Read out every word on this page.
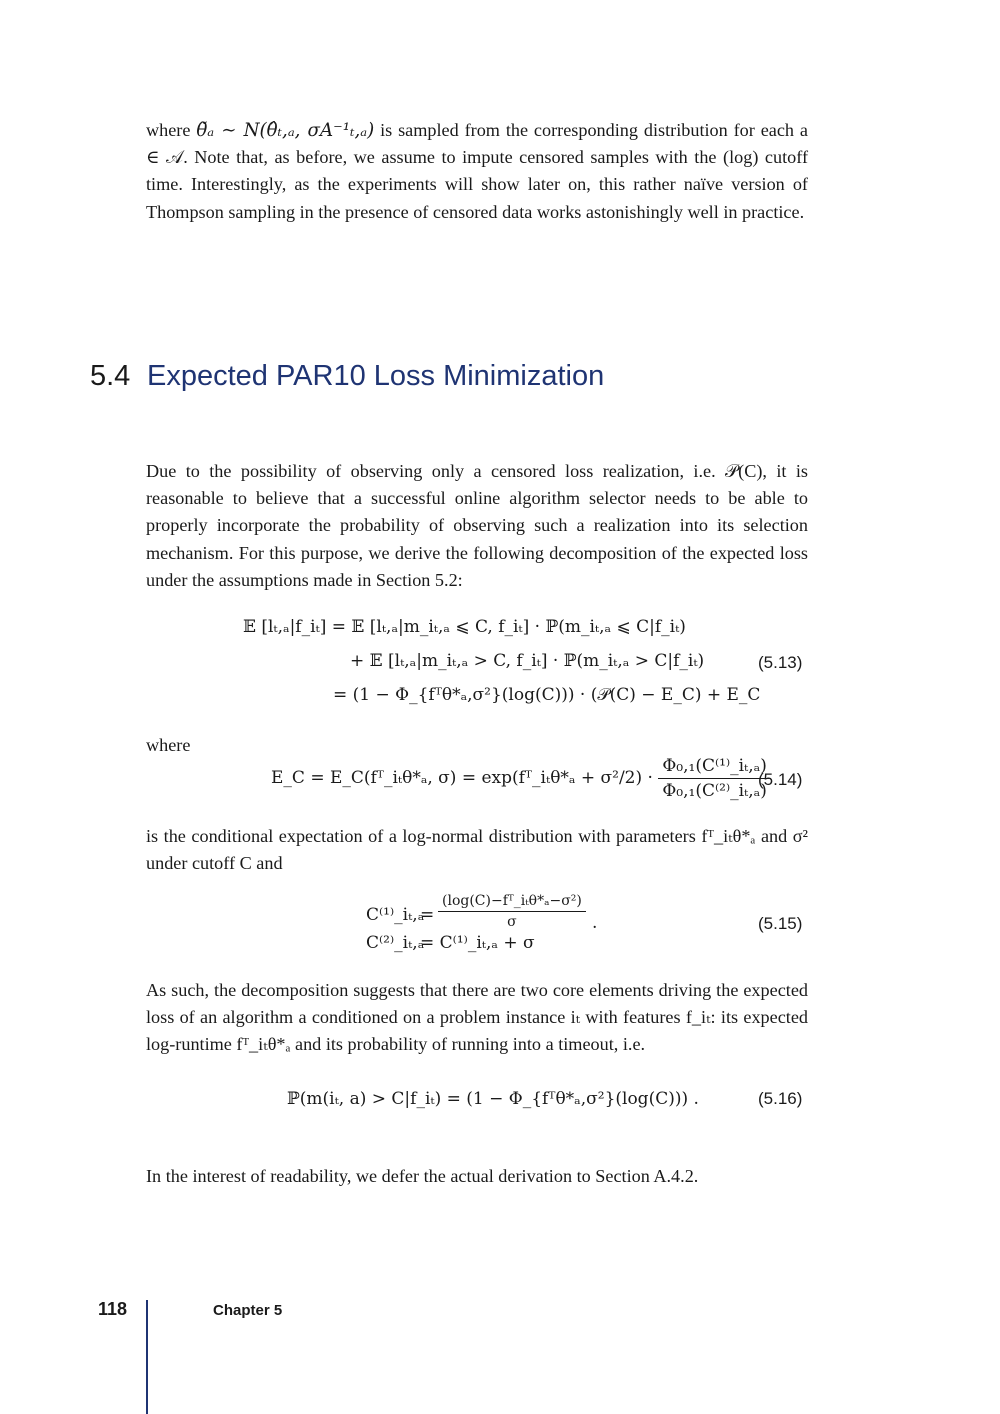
where θ̃ₐ ∼ N(θ̂ₜ,ₐ, σA⁻¹ₜ,ₐ) is sampled from the corresponding distribution for each a ∈ 𝒜. Note that, as before, we assume to impute censored samples with the (log) cutoff time. Interestingly, as the experiments will show later on, this rather naïve version of Thompson sampling in the presence of censored data works astonishingly well in practice.
5.4 Expected PAR10 Loss Minimization
Due to the possibility of observing only a censored loss realization, i.e. 𝒫(C), it is reasonable to believe that a successful online algorithm selector needs to be able to properly incorporate the probability of observing such a realization into its selection mechanism. For this purpose, we derive the following decomposition of the expected loss under the assumptions made in Section 5.2:
𝔼 [lₜ,ₐ|f_iₜ] = 𝔼 [lₜ,ₐ|m_iₜ,ₐ ⩽ C, f_iₜ] · ℙ(m_iₜ,ₐ ⩽ C|f_iₜ)
+ 𝔼 [lₜ,ₐ|m_iₜ,ₐ > C, f_iₜ] · ℙ(m_iₜ,ₐ > C|f_iₜ)
= (1 − Φ_{fᵀθ*ₐ,σ²}(log(C))) · (𝒫(C) − E_C) + E_C
(5.13)
where
E_C = E_C(fᵀ_iₜθ*ₐ, σ) = exp(fᵀ_iₜθ*ₐ + $\sigma^2/2) \cdot \frac{\text{Φ₀,₁(C⁽¹⁾\_iₜ,ₐ)}}{\text{Φ₀,₁(C⁽²⁾\_iₜ,ₐ)}}$
(5.14)
is the conditional expectation of a log-normal distribution with parameters fᵀ_iₜθ*ₐ and σ² under cutoff C and
C⁽¹⁾_iₜ,ₐ
= $\frac{\text{(log(C)−fᵀ\_iₜθ*ₐ−σ²)}}{\sigma}$ .
C⁽²⁾_iₜ,ₐ
= C⁽¹⁾_iₜ,ₐ + σ
(5.15)
As such, the decomposition suggests that there are two core elements driving the expected loss of an algorithm a conditioned on a problem instance iₜ with features f_iₜ: its expected log-runtime fᵀ_iₜθ*ₐ and its probability of running into a timeout, i.e.
ℙ(m(iₜ, a) > C|f_iₜ) = (1 − Φ_{fᵀθ*ₐ,σ²}(log(C))) .	(5.16)
In the interest of readability, we defer the actual derivation to Section A.4.2.
118	Chapter 5
